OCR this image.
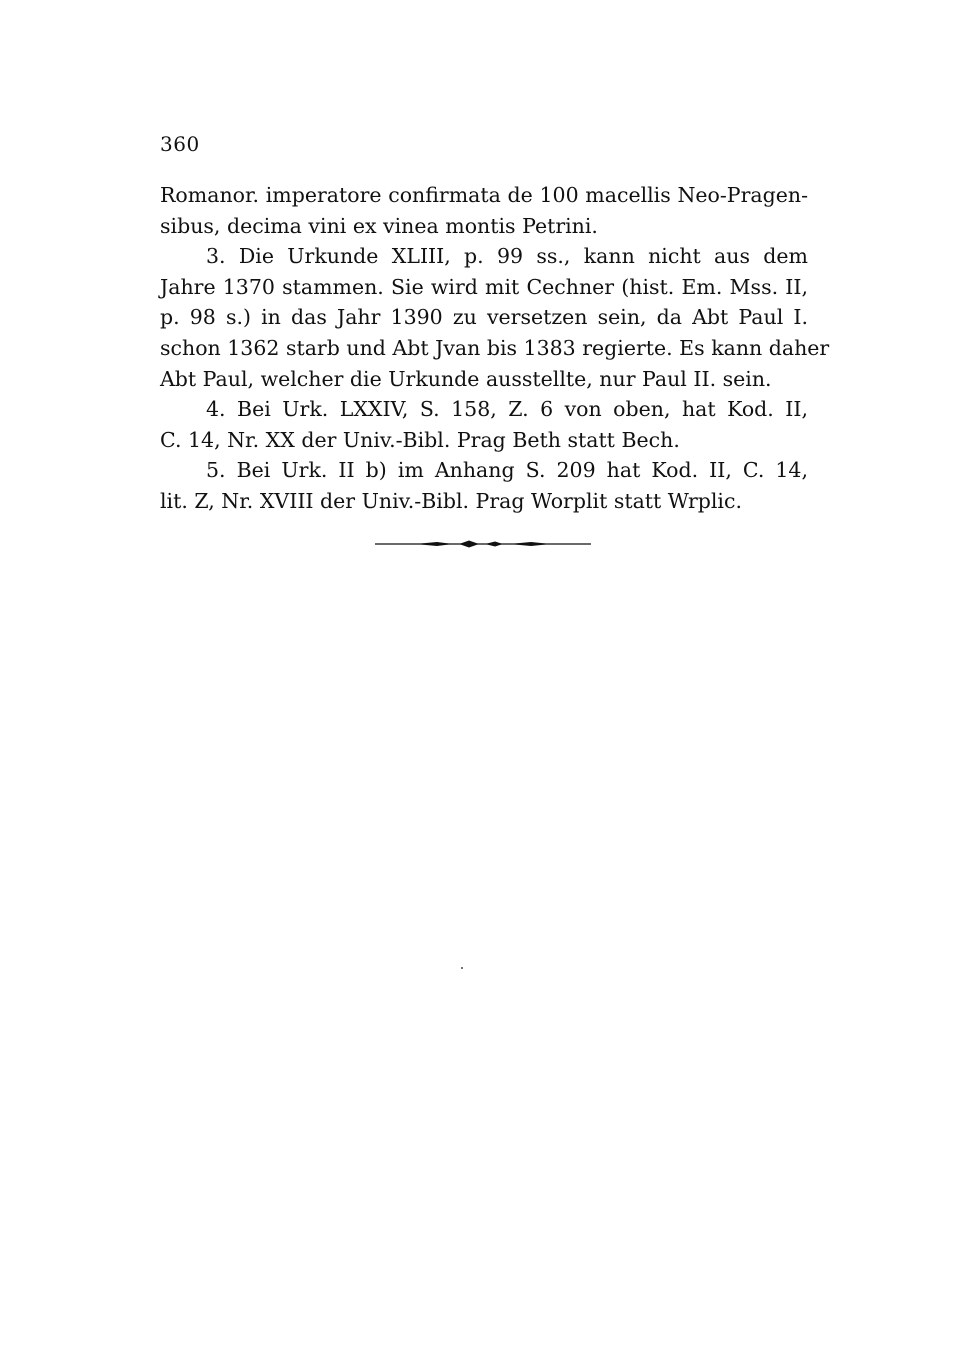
360
Romanor. imperatore confirmata de 100 macellis Neo-Pragen-
sibus, decima vini ex vinea montis Petrini.
3. Die Urkunde XLIII, p. 99 ss., kann nicht aus dem
Jahre 1370 stammen. Sie wird mit Cechner (hist. Em. Mss. II,
p. 98 s.) in das Jahr 1390 zu versetzen sein, da Abt Paul I.
schon 1362 starb und Abt Jvan bis 1383 regierte. Es kann daher
Abt Paul, welcher die Urkunde ausstellte, nur Paul II. sein.
4. Bei Urk. LXXIV, S. 158, Z. 6 von oben, hat Kod. II,
C. 14, Nr. XX der Univ.-Bibl. Prag Beth statt Bech.
5. Bei Urk. II b) im Anhang S. 209 hat Kod. II, C. 14,
lit. Z, Nr. XVIII der Univ.-Bibl. Prag Worplit statt Wrplic.
